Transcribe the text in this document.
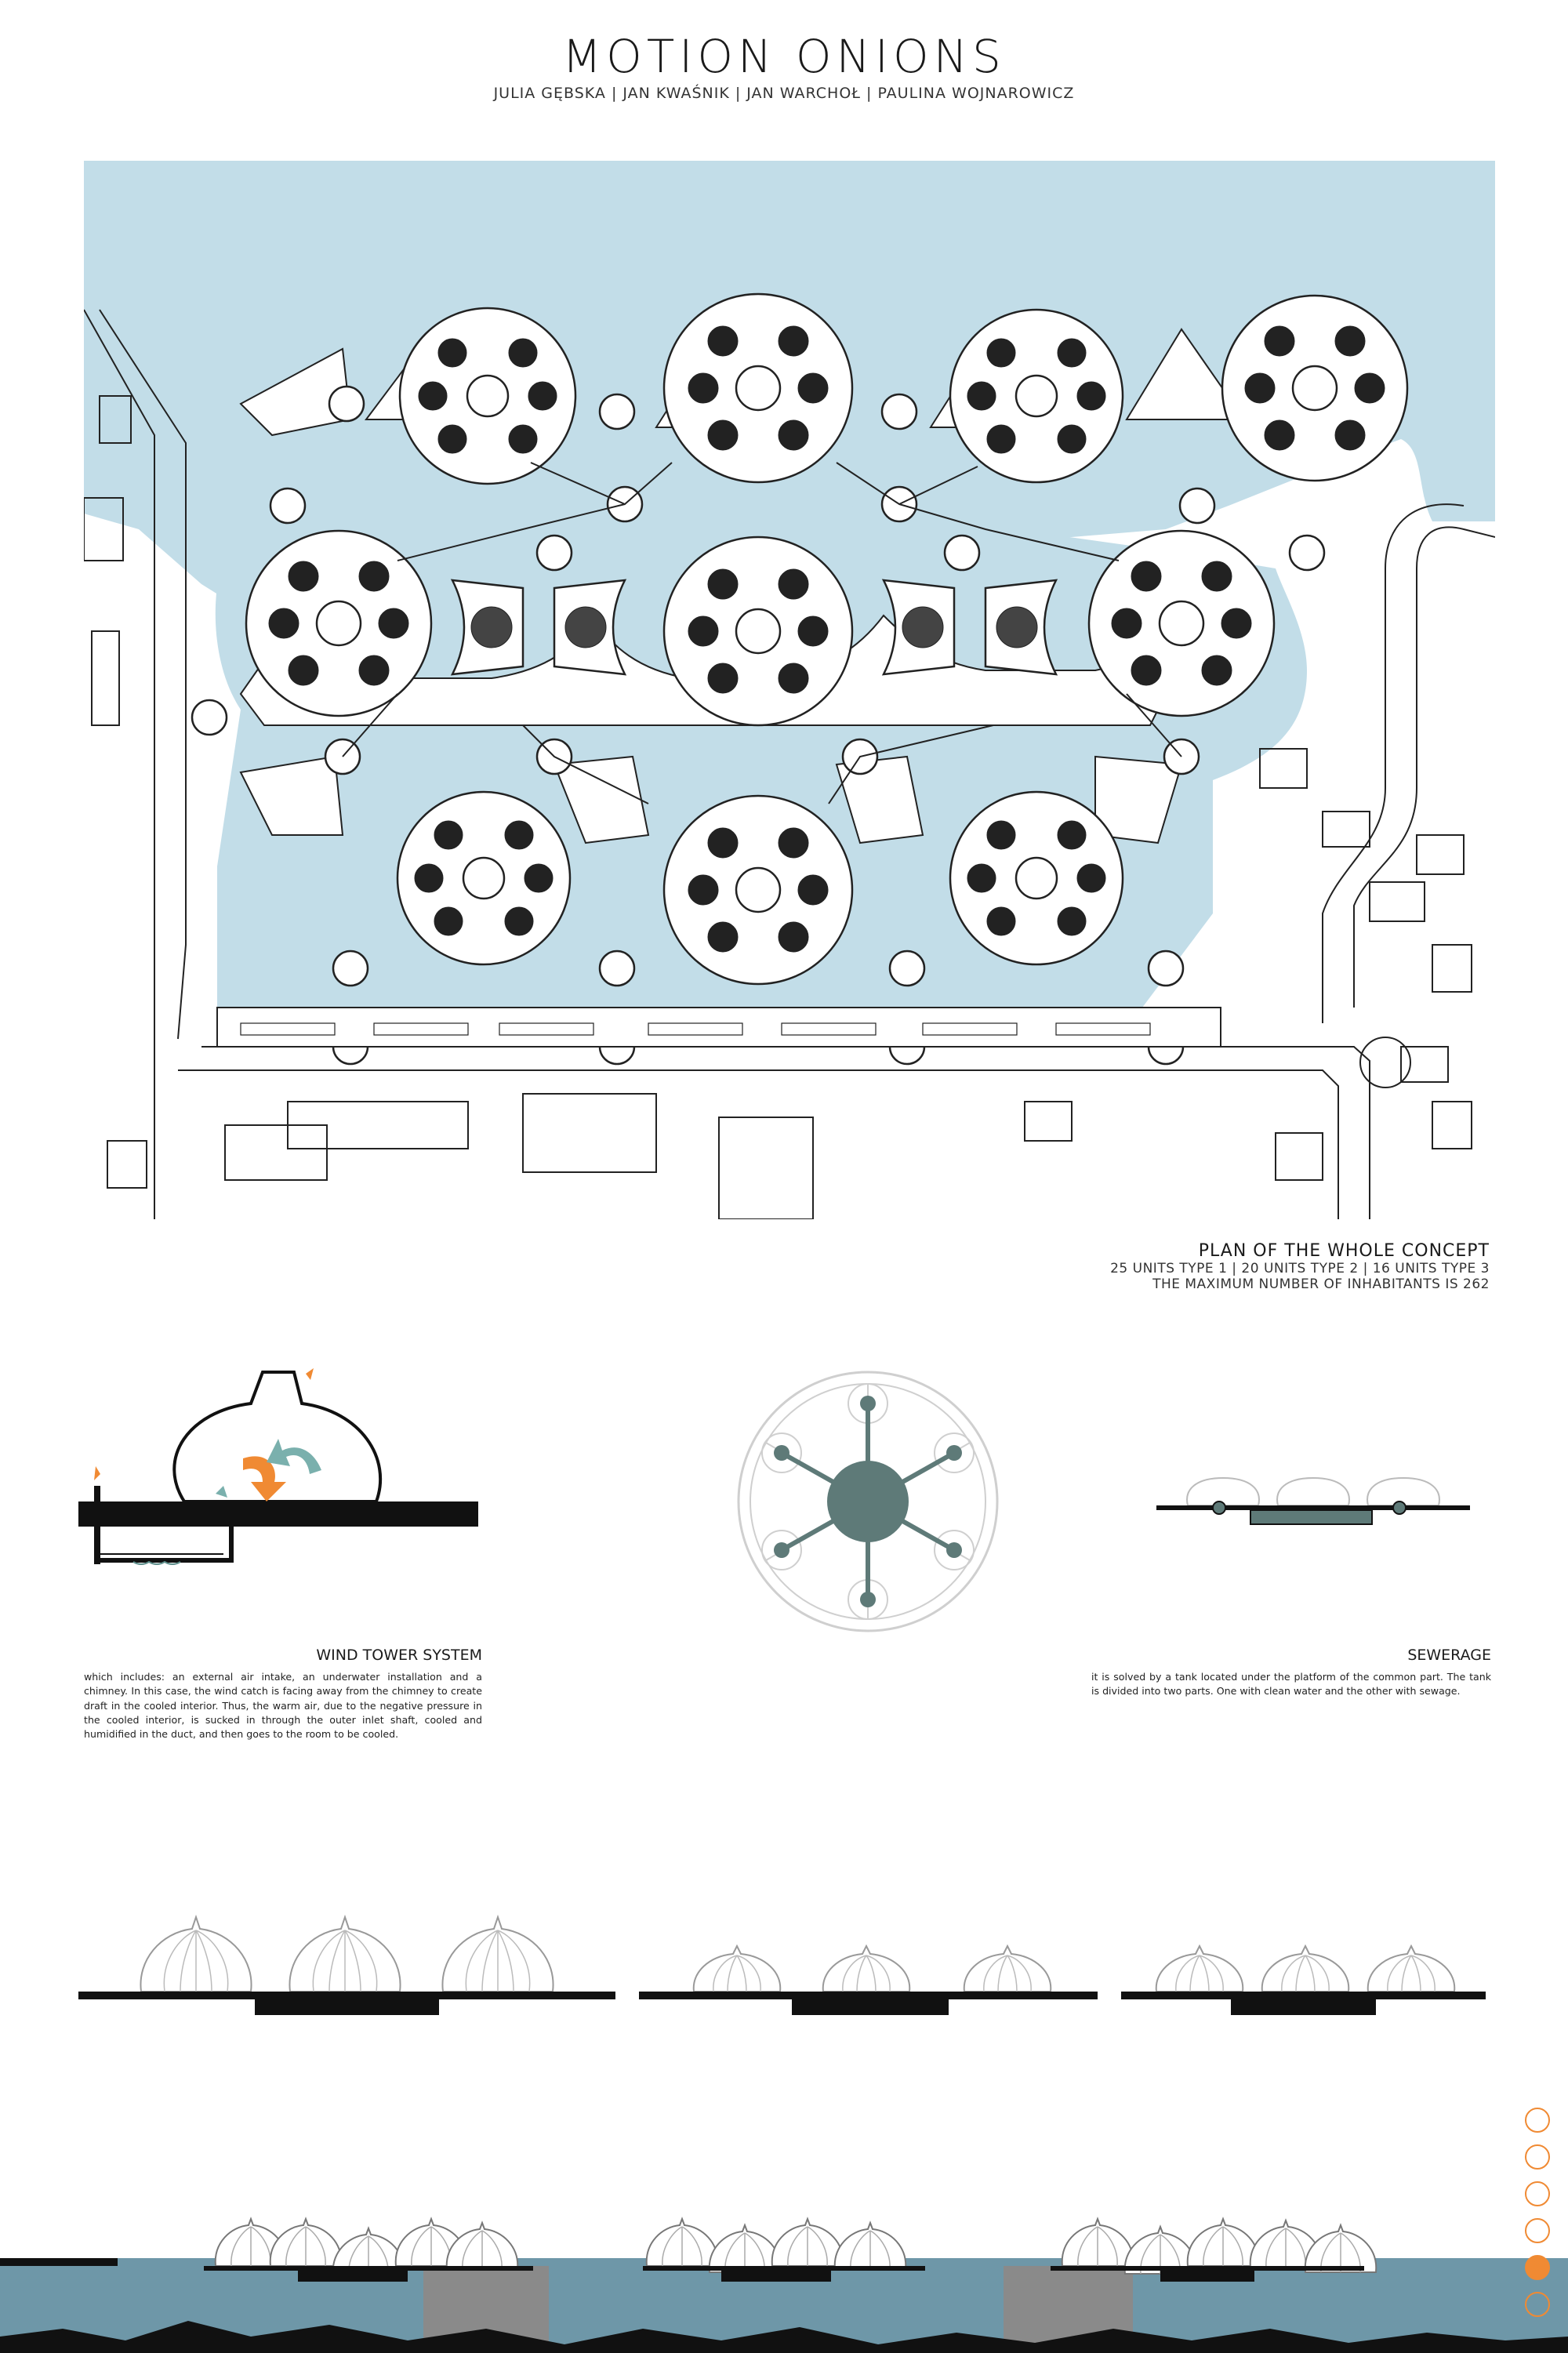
MOTION ONIONS
JULIA GĘBSKA | JAN KWAŚNIK | JAN WARCHOŁ | PAULINA WOJNAROWICZ
PLAN OF THE WHOLE CONCEPT
25 UNITS TYPE 1 | 20 UNITS TYPE 2 | 16 UNITS TYPE 3
THE MAXIMUM NUMBER OF INHABITANTS IS 262
WIND TOWER SYSTEM
which includes: an external air intake, an underwater installation and a chimney. In this case, the wind catch is facing away from the chimney to create draft in the cooled interior. Thus, the warm air, due to the negative pressure in the cooled interior, is sucked in through the outer inlet shaft, cooled and humidified in the duct, and then goes to the room to be cooled.
SEWERAGE
it is solved by a tank located under the platform of the common part. The tank is divided into two parts. One with clean water and the other with sewage.
